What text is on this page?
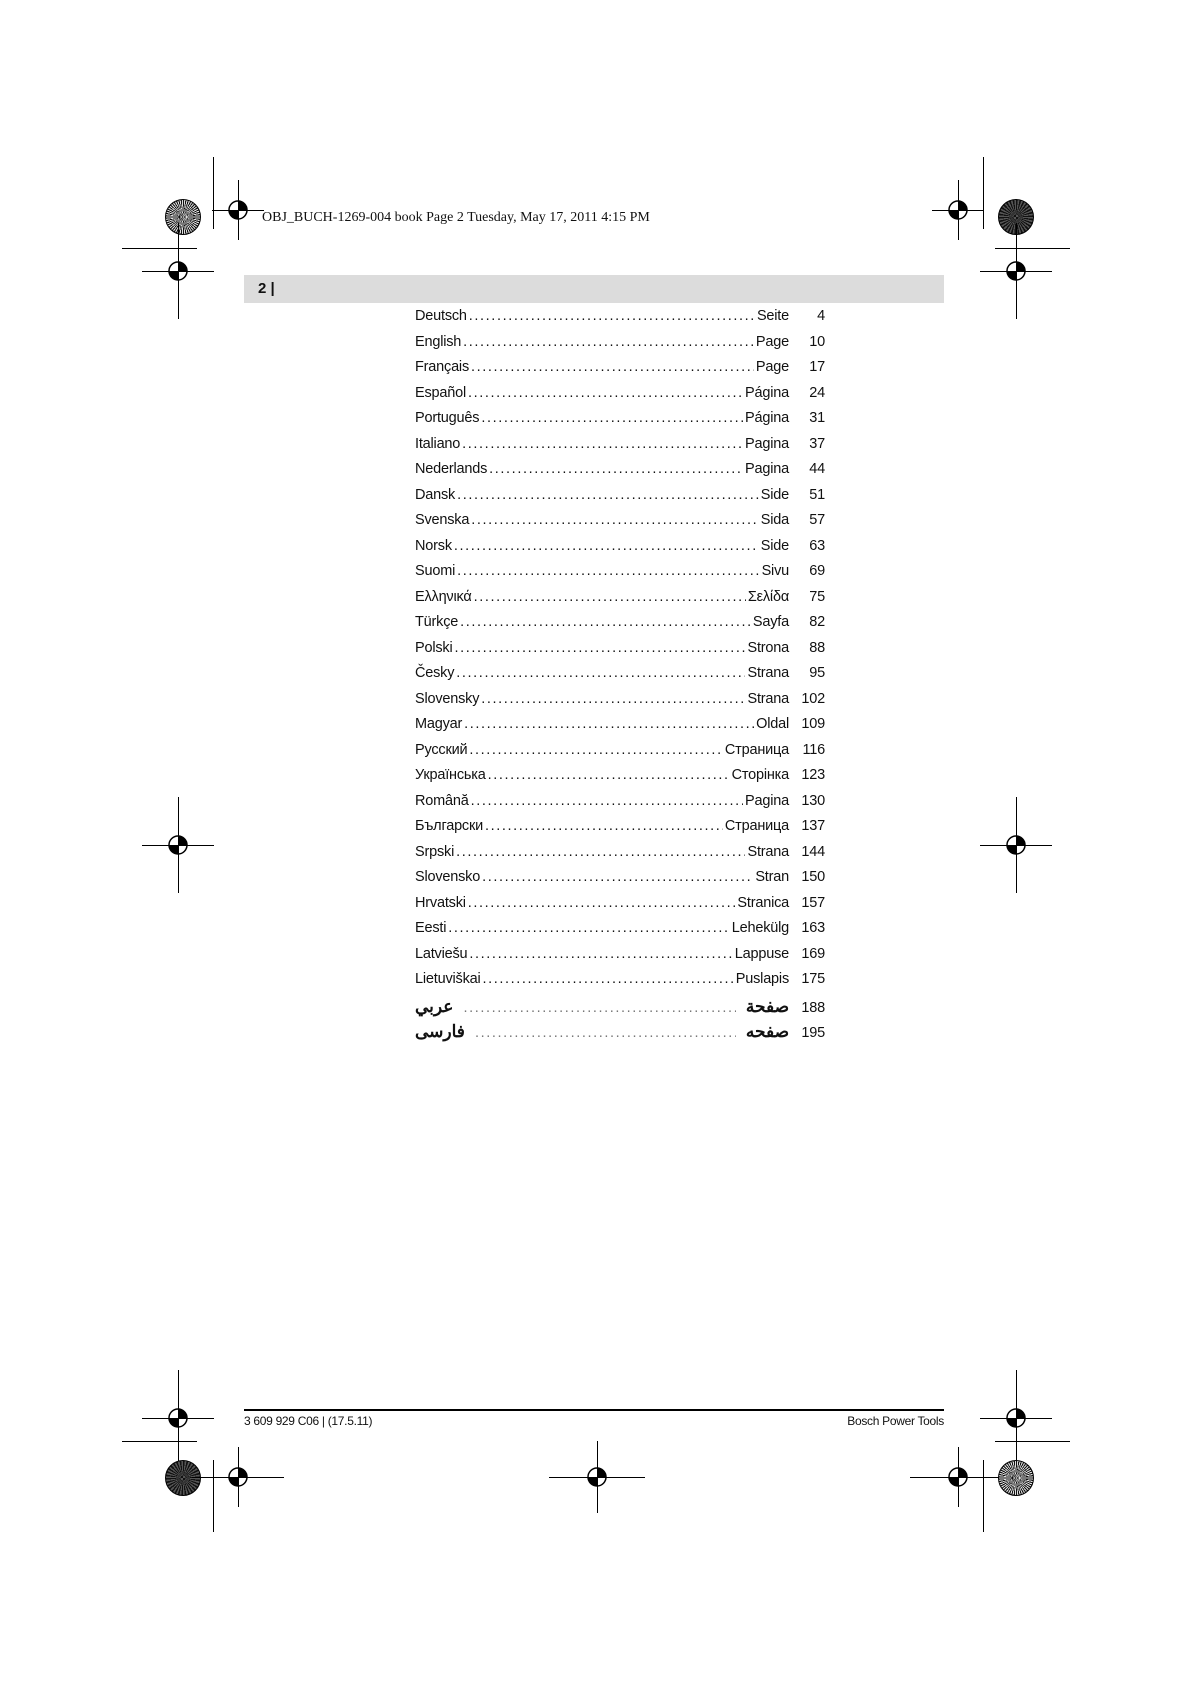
OBJ_BUCH-1269-004 book Page 2 Tuesday, May 17, 2011 4:15 PM
2 |
Deutsch .....	Seite	4
English .....	Page	10
Français .....	Page	17
Español .....	Página	24
Português .....	Página	31
Italiano .....	Pagina	37
Nederlands .....	Pagina	44
Dansk .....	Side	51
Svenska .....	Sida	57
Norsk .....	Side	63
Suomi .....	Sivu	69
Ελληνικά .....	Σελίδα	75
Türkçe .....	Sayfa	82
Polski .....	Strona	88
Česky .....	Strana	95
Slovensky .....	Strana 102
Magyar .....	Oldal 109
Русский .....	Страница 116
Українська .....	Сторінка 123
Română .....	Pagina 130
Български .....	Страница 137
Srpski .....	Strana 144
Slovensko .....	Stran 150
Hrvatski .....	Stranica 157
Eesti .....	Lehekülg 163
Latviešu .....	Lappuse 169
Lietuviškai .....	Puslapis 175
عربي .....	صفحة 188
فارسی .....	صفحه 195
3 609 929 C06 | (17.5.11)	Bosch Power Tools
